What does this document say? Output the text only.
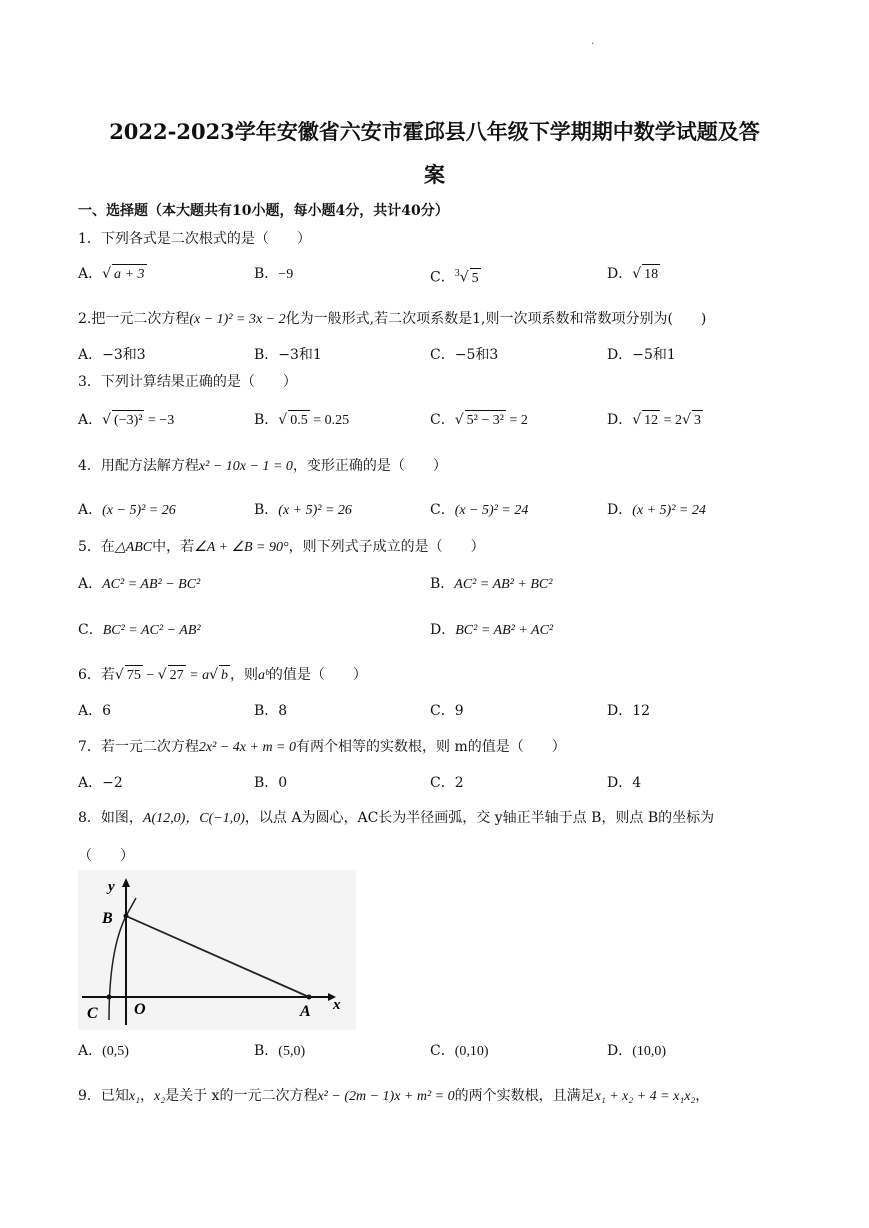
.
2022-2023学年安徽省六安市霍邱县八年级下学期期中数学试题及答
案
一、选择题（本大题共有10小题，每小题4分，共计40分）
1．下列各式是二次根式的是（　　）
A．√ a + 3	B．−9	C．$^3$√ 5	D．√ 18
2.把一元二次方程(x − 1)² = 3x − 2化为一般形式,若二次项系数是1,则一次项系数和常数项分别为(　　)
A．−3和3	B．−3和1	C．−5和3	D．−5和1
3．下列计算结果正确的是（　　）
A．√ (−3)² = −3	B．√ 0.5 = 0.25	C．√ 5² − 3² = 2	D．√ 12 = 2√ 3
4．用配方法解方程x² − 10x − 1 = 0，变形正确的是（　　）
A．(x − 5)² = 26	B．(x + 5)² = 26	C．(x − 5)² = 24	D．(x + 5)² = 24
5．在△ABC中，若∠A + ∠B = 90°，则下列式子成立的是（　　）
A．AC² = AB² − BC²	B．AC² = AB² + BC²
C．BC² = AC² − AB²	D．BC² = AB² + AC²
6．若√ 75 − √ 27 = a√ b ，则aᵇ的值是（　　）
A．6	B．8	C．9	D．12
7．若一元二次方程2x² − 4x + m = 0有两个相等的实数根，则 m的值是（　　）
A．−2	B．0	C．2	D．4
8．如图，A(12,0)，C(−1,0)，以点 A为圆心，AC长为半径画弧，交 y轴正半轴于点 B，则点 B的坐标为
（　　）
y
B
O
C	A x
A．(0,5)	B．(5,0)	C．(0,10)	D．(10,0)
9．已知x₁，x₂是关于 x的一元二次方程x² − (2m − 1)x + m² = 0的两个实数根，且满足x₁ + x₂ + 4 = x₁x₂，
